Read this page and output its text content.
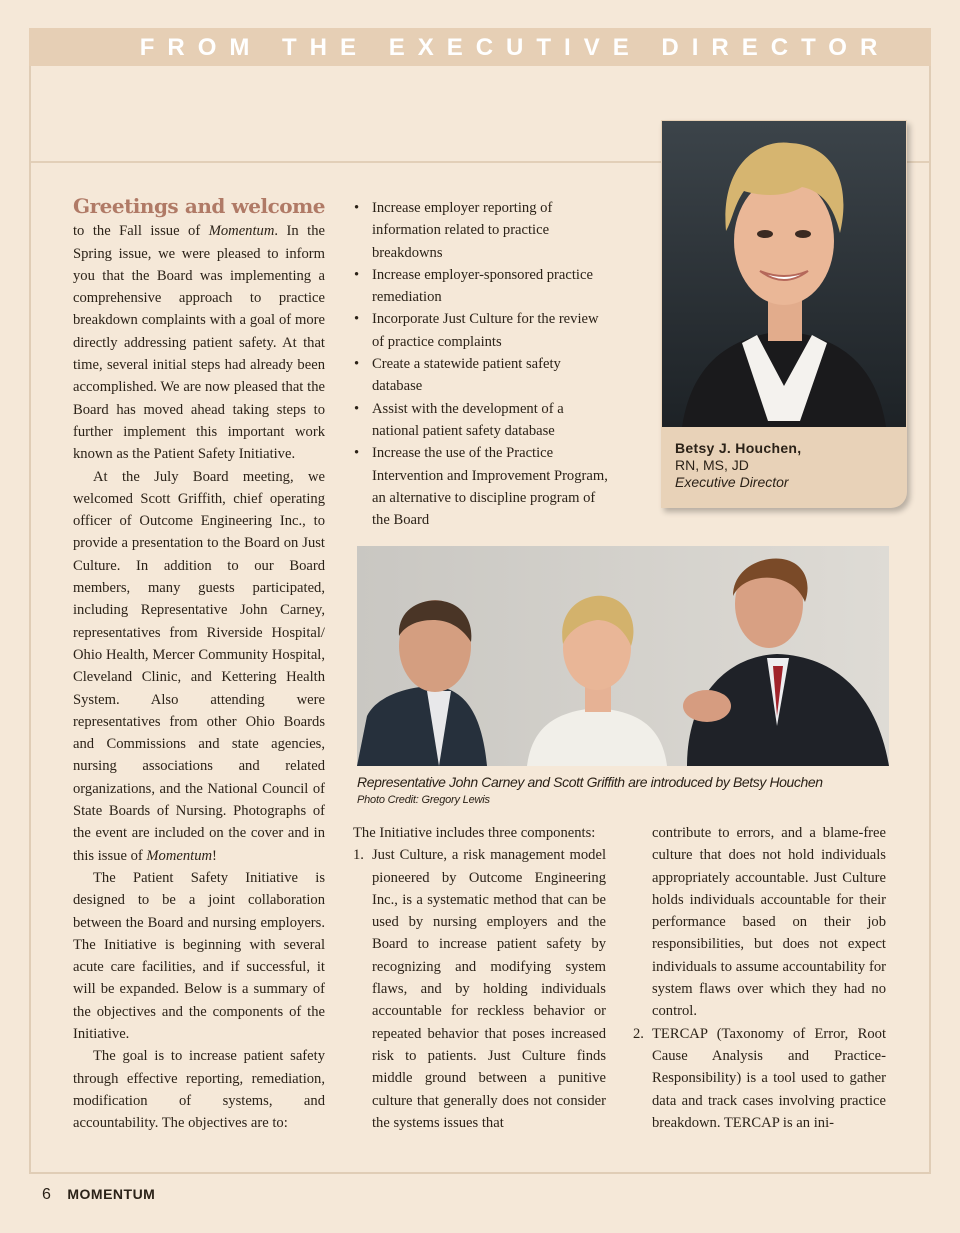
FROM THE EXECUTIVE DIRECTOR

Greetings and welcome to the Fall issue of Momentum. In the Spring issue, we were pleased to inform you that the Board was implementing a comprehensive approach to practice breakdown complaints with a goal of more directly addressing patient safety. At that time, several initial steps had already been accomplished. We are now pleased that the Board has moved ahead taking steps to further implement this important work known as the Patient Safety Initiative.

At the July Board meeting, we welcomed Scott Griffith, chief operating officer of Outcome Engineering Inc., to provide a presentation to the Board on Just Culture. In addition to our Board members, many guests participated, including Representative John Carney, representatives from Riverside Hospital/ Ohio Health, Mercer Community Hospital, Cleveland Clinic, and Kettering Health System. Also attending were representatives from other Ohio Boards and Commissions and state agencies, nursing associations and related organizations, and the National Council of State Boards of Nursing. Photographs of the event are included on the cover and in this issue of Momentum!

The Patient Safety Initiative is designed to be a joint collaboration between the Board and nursing employers. The Initiative is beginning with several acute care facilities, and if successful, it will be expanded. Below is a summary of the objectives and the components of the Initiative.

The goal is to increase patient safety through effective reporting, remediation, modification of systems, and accountability. The objectives are to:

• Increase employer reporting of information related to practice breakdowns
• Increase employer-sponsored practice remediation
• Incorporate Just Culture for the review of practice complaints
• Create a statewide patient safety database
• Assist with the development of a national patient safety database
• Increase the use of the Practice Intervention and Improvement Program, an alternative to discipline program of the Board
Betsy J. Houchen,
RN, MS, JD
Executive Director
Representative John Carney and Scott Griffith are introduced by Betsy Houchen
Photo Credit: Gregory Lewis

The Initiative includes three components:

1. Just Culture, a risk management model pioneered by Outcome Engineering Inc., is a systematic method that can be used by nursing employers and the Board to increase patient safety by recognizing and modifying system flaws, and by holding individuals accountable for reckless behavior or repeated behavior that poses increased risk to patients. Just Culture finds middle ground between a punitive culture that generally does not consider the systems issues that

contribute to errors, and a blame-free culture that does not hold individuals appropriately accountable. Just Culture holds individuals accountable for their performance based on their job responsibilities, but does not expect individuals to assume accountability for system flaws over which they had no control.

2. TERCAP (Taxonomy of Error, Root Cause Analysis and Practice-Responsibility) is a tool used to gather data and track cases involving practice breakdown. TERCAP is an ini-

6 MOMENTUM
